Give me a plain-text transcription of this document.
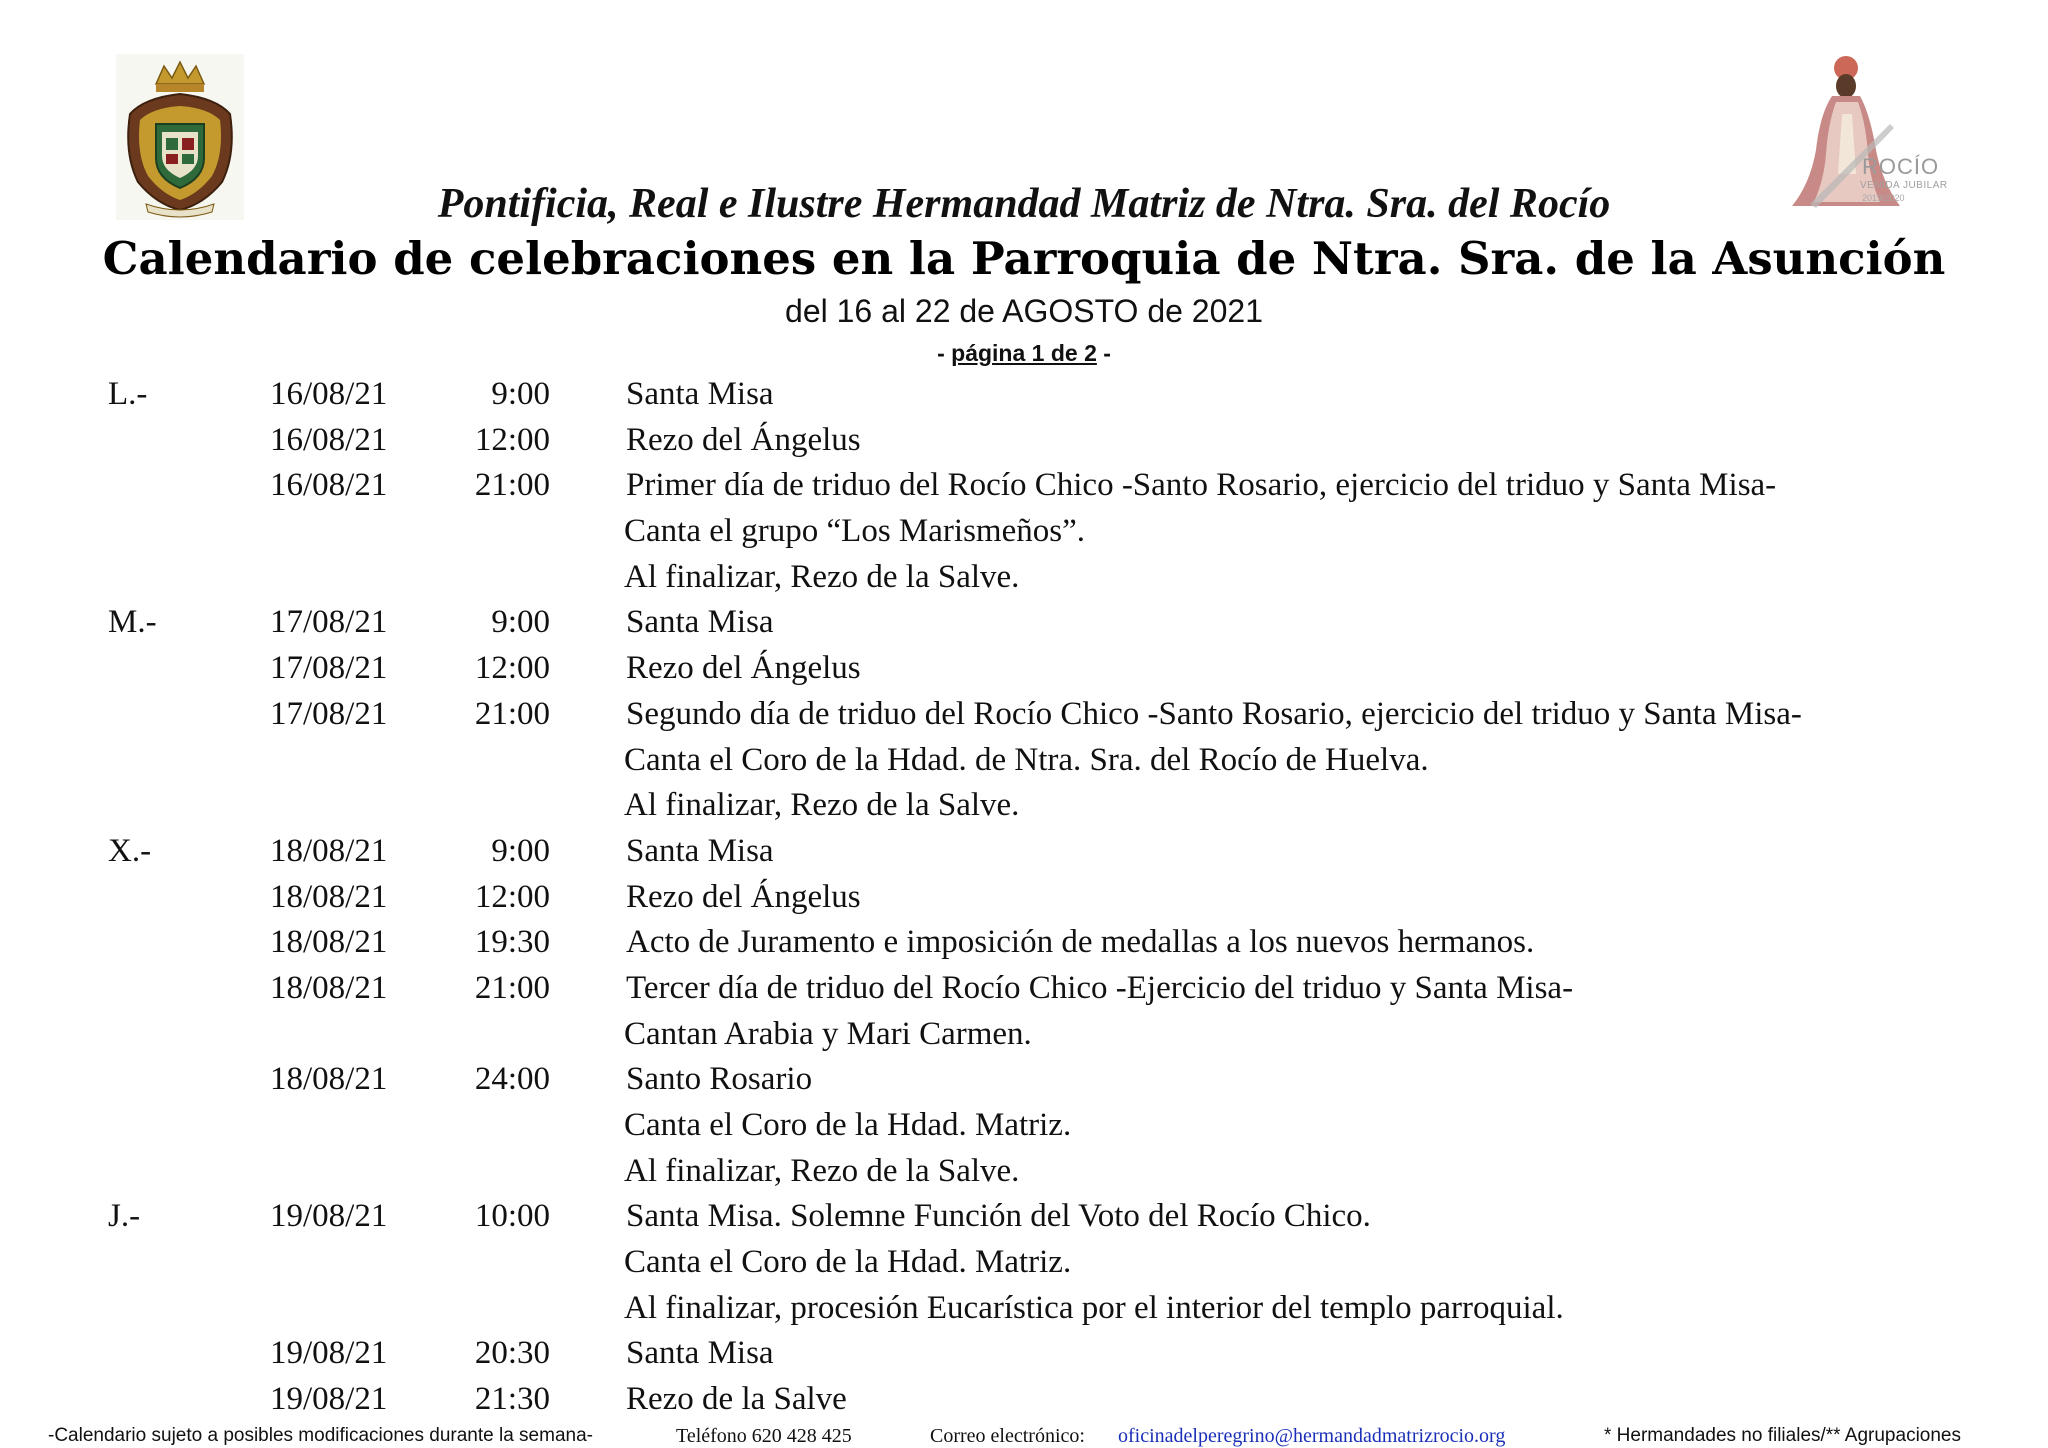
ROCÍO
VENIDA JUBILAR
2019/2020
Pontificia, Real e Ilustre Hermandad Matriz de Ntra. Sra. del Rocío
Calendario de celebraciones en la Parroquia de Ntra. Sra. de la Asunción
del 16 al 22 de AGOSTO de 2021
- página 1 de 2 -
L.-	16/08/21	9:00 Santa Misa
16/08/21	12:00 Rezo del Ángelus
16/08/21	21:00 Primer día de triduo del Rocío Chico -Santo Rosario, ejercicio del triduo y Santa Misa-
Canta el grupo “Los Marismeños”.
Al finalizar, Rezo de la Salve.
M.-	17/08/21	9:00 Santa Misa
17/08/21	12:00 Rezo del Ángelus
17/08/21	21:00 Segundo día de triduo del Rocío Chico -Santo Rosario, ejercicio del triduo y Santa Misa-
Canta el Coro de la Hdad. de Ntra. Sra. del Rocío de Huelva.
Al finalizar, Rezo de la Salve.
X.-	18/08/21	9:00 Santa Misa
18/08/21	12:00 Rezo del Ángelus
18/08/21	19:30 Acto de Juramento e imposición de medallas a los nuevos hermanos.
18/08/21	21:00 Tercer día de triduo del Rocío Chico -Ejercicio del triduo y Santa Misa-
Cantan Arabia y Mari Carmen.
18/08/21	24:00 Santo Rosario
Canta el Coro de la Hdad. Matriz.
Al finalizar, Rezo de la Salve.
J.-	19/08/21	10:00 Santa Misa. Solemne Función del Voto del Rocío Chico.
Canta el Coro de la Hdad. Matriz.
Al finalizar, procesión Eucarística por el interior del templo parroquial.
19/08/21	20:30 Santa Misa
19/08/21	21:30 Rezo de la Salve
-Calendario sujeto a posibles modificaciones durante la semana-	Teléfono 620 428 425	Correo electrónico: oficinadelperegrino@hermandadmatrizrocio.org	* Hermandades no filiales/** Agrupaciones
